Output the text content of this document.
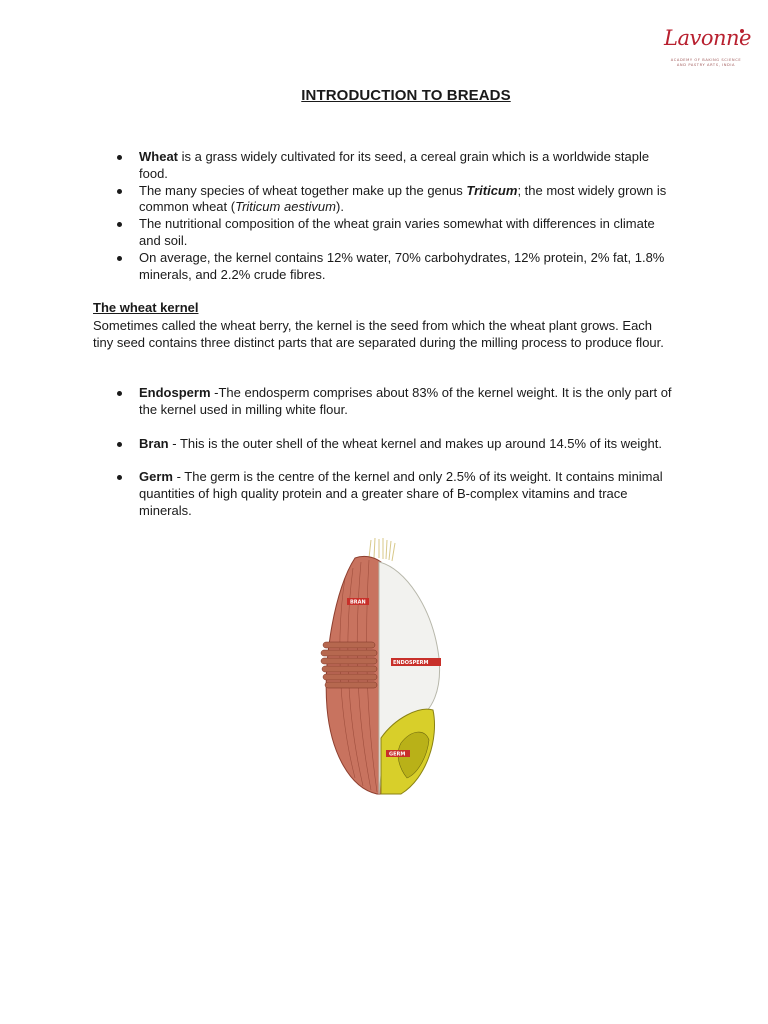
Lavonne
ACADEMY OF BAKING SCIENCE
AND PASTRY ARTS, INDIA
INTRODUCTION TO BREADS
Wheat is a grass widely cultivated for its seed, a cereal grain which is a worldwide staple food.
The many species of wheat together make up the genus Triticum; the most widely grown is common wheat (Triticum aestivum).
The nutritional composition of the wheat grain varies somewhat with differences in climate and soil.
On average, the kernel contains 12% water, 70% carbohydrates, 12% protein, 2% fat, 1.8% minerals, and 2.2% crude fibres.
The wheat kernel
Sometimes called the wheat berry, the kernel is the seed from which the wheat plant grows. Each tiny seed contains three distinct parts that are separated during the milling process to produce flour.
Endosperm -The endosperm comprises about 83% of the kernel weight. It is the only part of the kernel used in milling white flour.
Bran - This is the outer shell of the wheat kernel and makes up around 14.5% of its weight.
Germ - The germ is the centre of the kernel and only 2.5% of its weight. It contains minimal quantities of high quality protein and a greater share of B-complex vitamins and trace minerals.
BRAN
ENDOSPERM
GERM
